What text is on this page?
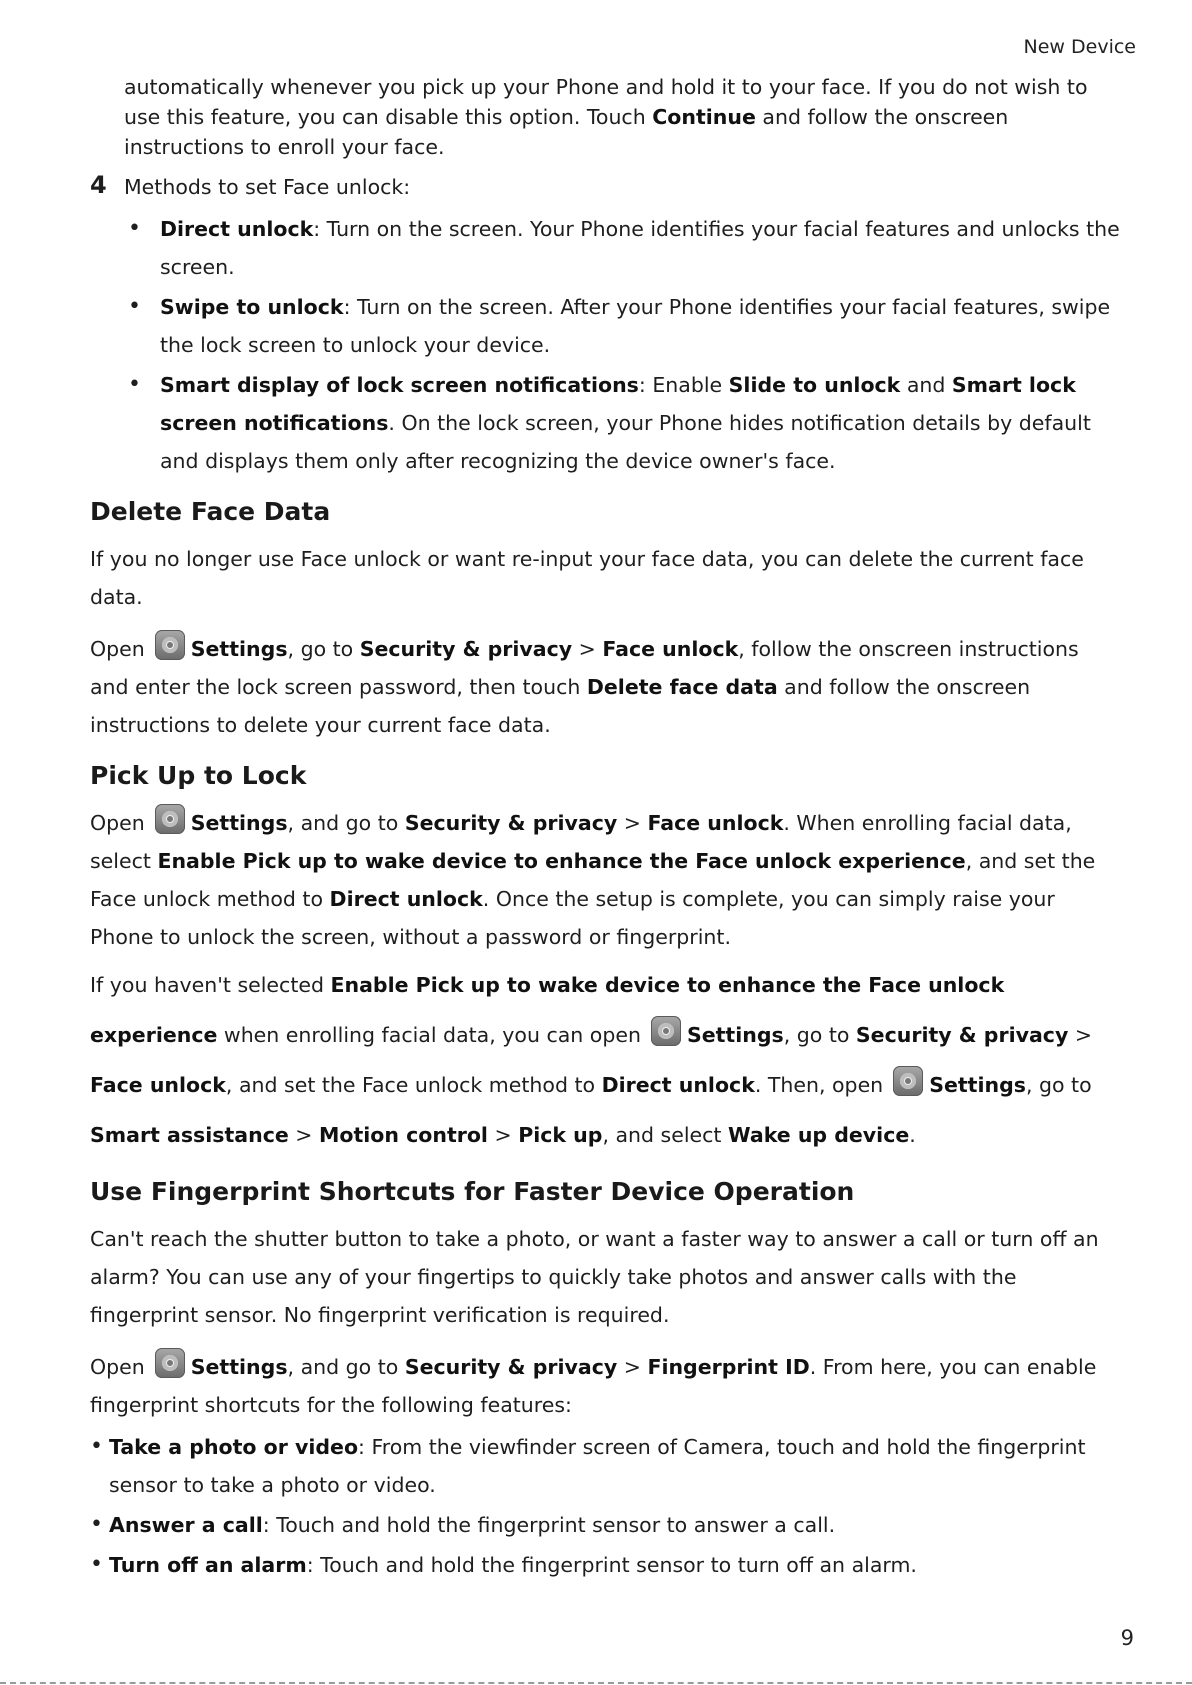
New Device

automatically whenever you pick up your Phone and hold it to your face. If you do not wish to use this feature, you can disable this option. Touch Continue and follow the onscreen instructions to enroll your face.

4 Methods to set Face unlock:

• Direct unlock: Turn on the screen. Your Phone identifies your facial features and unlocks the screen.
• Swipe to unlock: Turn on the screen. After your Phone identifies your facial features, swipe the lock screen to unlock your device.
• Smart display of lock screen notifications: Enable Slide to unlock and Smart lock screen notifications. On the lock screen, your Phone hides notification details by default and displays them only after recognizing the device owner's face.
Delete Face Data

If you no longer use Face unlock or want re-input your face data, you can delete the current face data.

Open Settings, go to Security & privacy > Face unlock, follow the onscreen instructions and enter the lock screen password, then touch Delete face data and follow the onscreen instructions to delete your current face data.

Pick Up to Lock

Open Settings, and go to Security & privacy > Face unlock. When enrolling facial data, select Enable Pick up to wake device to enhance the Face unlock experience, and set the Face unlock method to Direct unlock. Once the setup is complete, you can simply raise your Phone to unlock the screen, without a password or fingerprint.

If you haven't selected Enable Pick up to wake device to enhance the Face unlock experience when enrolling facial data, you can open Settings, go to Security & privacy > Face unlock, and set the Face unlock method to Direct unlock. Then, open Settings, go to Smart assistance > Motion control > Pick up, and select Wake up device.

Use Fingerprint Shortcuts for Faster Device Operation

Can't reach the shutter button to take a photo, or want a faster way to answer a call or turn off an alarm? You can use any of your fingertips to quickly take photos and answer calls with the fingerprint sensor. No fingerprint verification is required.

Open Settings, and go to Security & privacy > Fingerprint ID. From here, you can enable fingerprint shortcuts for the following features:

• Take a photo or video: From the viewfinder screen of Camera, touch and hold the fingerprint sensor to take a photo or video.
• Answer a call: Touch and hold the fingerprint sensor to answer a call.
• Turn off an alarm: Touch and hold the fingerprint sensor to turn off an alarm.
9
